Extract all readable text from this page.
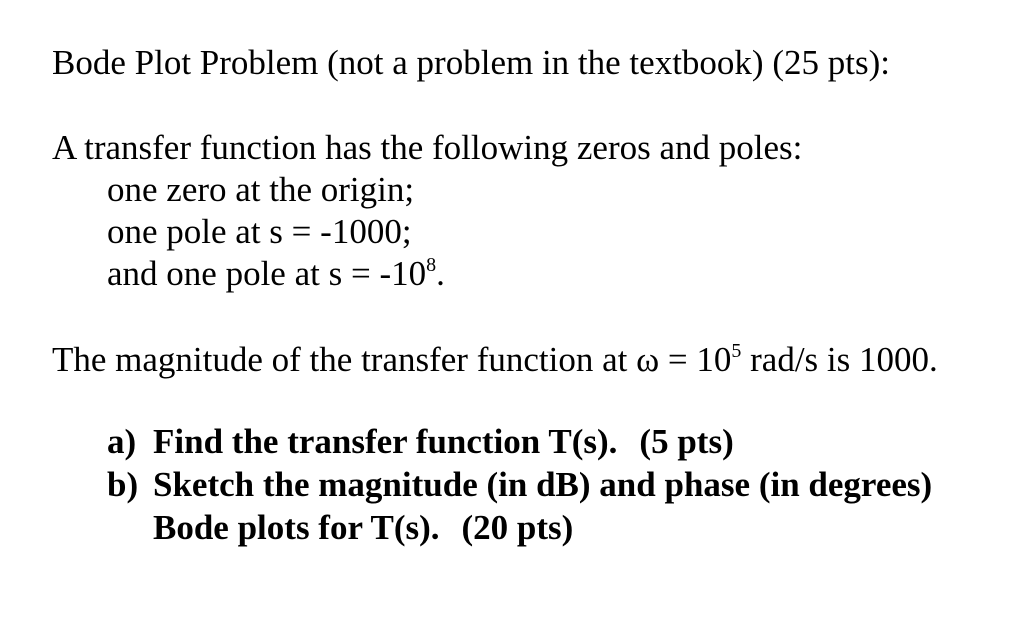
Bode Plot Problem (not a problem in the textbook) (25 pts):
A transfer function has the following zeros and poles:
one zero at the origin;
one pole at s = -1000;
and one pole at $s = -10^8$.
The magnitude of the transfer function at $\omega = 10^5$ rad/s is 1000.
a) Find the transfer function T(s). (5 pts)
b) Sketch the magnitude (in dB) and phase (in degrees)
Bode plots for T(s). (20 pts)
